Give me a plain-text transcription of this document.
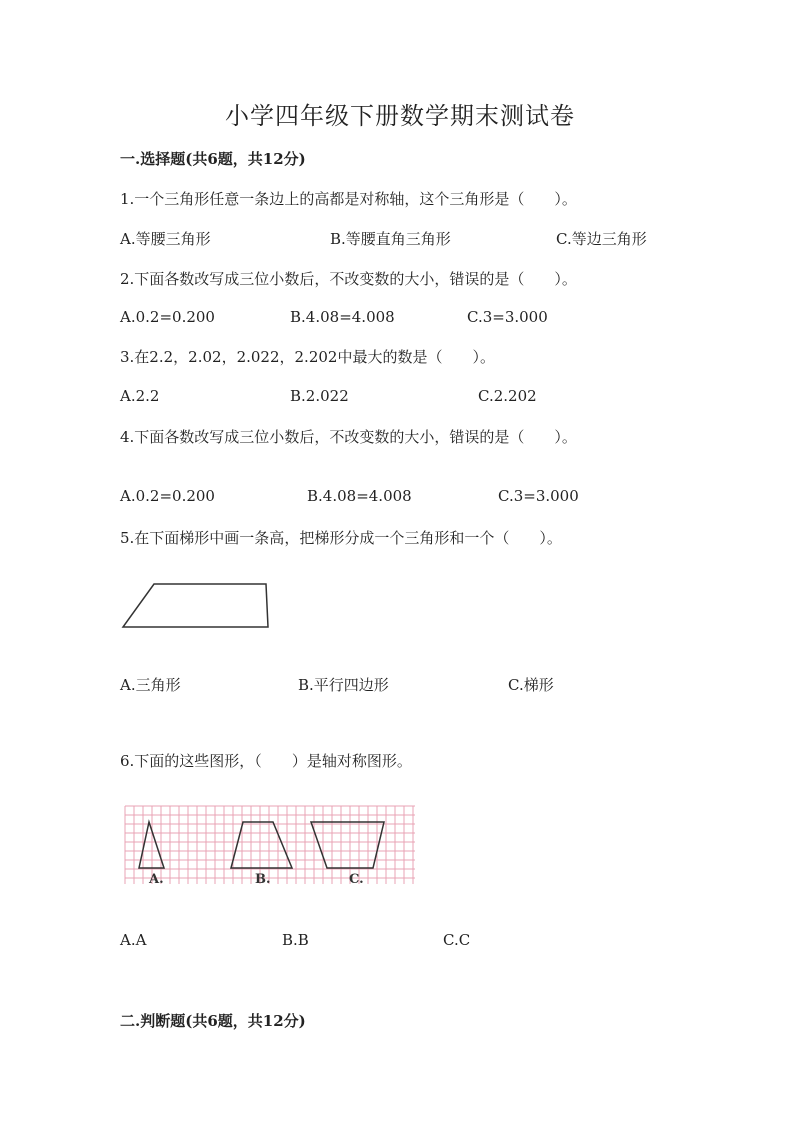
小学四年级下册数学期末测试卷
一.选择题(共6题，共12分)
1.一个三角形任意一条边上的高都是对称轴，这个三角形是（　　）。
A.等腰三角形	B.等腰直角三角形	C.等边三角形
2.下面各数改写成三位小数后，不改变数的大小，错误的是（　　）。
A.0.2=0.200	B.4.08=4.008	C.3=3.000
3.在2.2，2.02，2.022，2.202中最大的数是（　　）。
A.2.2	B.2.022	C.2.202
4.下面各数改写成三位小数后，不改变数的大小，错误的是（　　）。
A.0.2=0.200	B.4.08=4.008	C.3=3.000
5.在下面梯形中画一条高，把梯形分成一个三角形和一个（　　）。
A.三角形	B.平行四边形	C.梯形
6.下面的这些图形，（　　）是轴对称图形。
A.	B.	C.
A.A	B.B	C.C
二.判断题(共6题，共12分)
